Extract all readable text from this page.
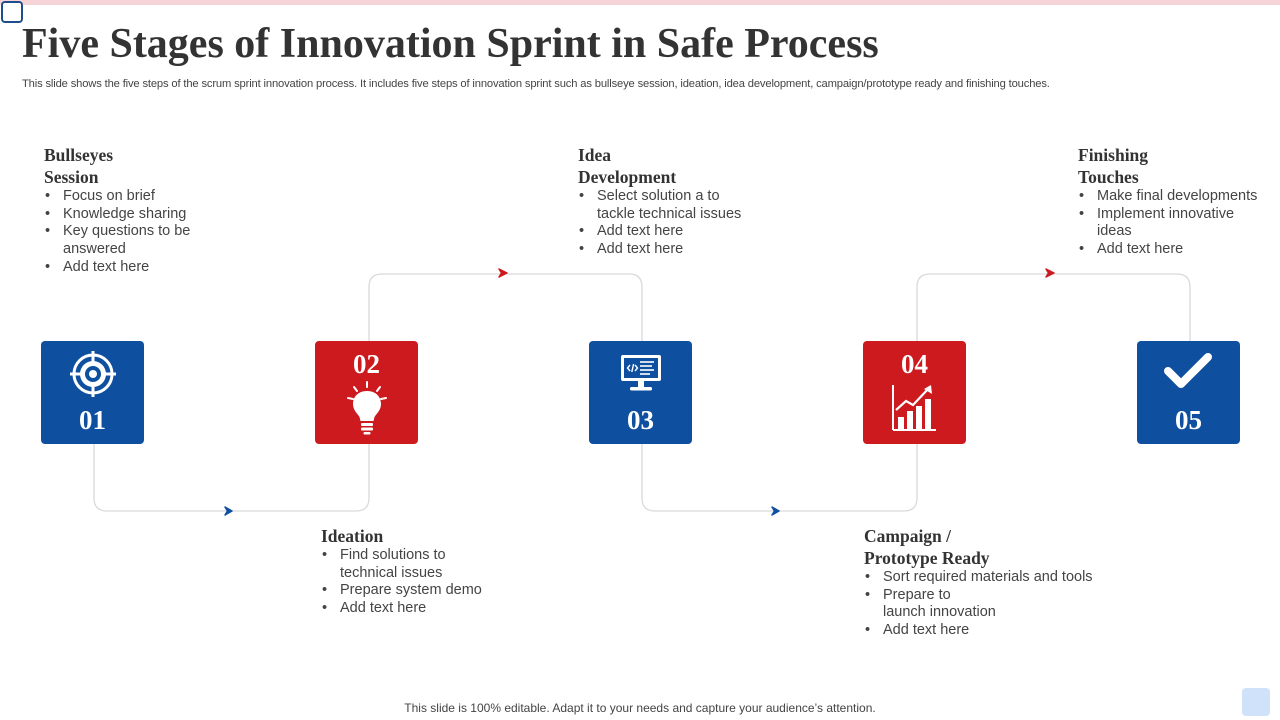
Five Stages of Innovation Sprint in Safe Process

This slide shows the five steps of the scrum sprint innovation process. It includes five steps of innovation sprint such as bullseye session, ideation, idea development, campaign/prototype ready and finishing touches.

01
02
03
04
05
Bullseyes
Session
• Focus on brief
• Knowledge sharing
• Key questions to be
answered
• Add text here
Ideation
• Find solutions to
technical issues
• Prepare system demo
• Add text here
Idea
Development
• Select solution a to
tackle technical issues
• Add text here
• Add text here
Campaign /
Prototype Ready
• Sort required materials and tools
• Prepare to
launch innovation
• Add text here
Finishing
Touches
• Make final developments
• Implement innovative
ideas
• Add text here
This slide is 100% editable. Adapt it to your needs and capture your audience’s attention.
